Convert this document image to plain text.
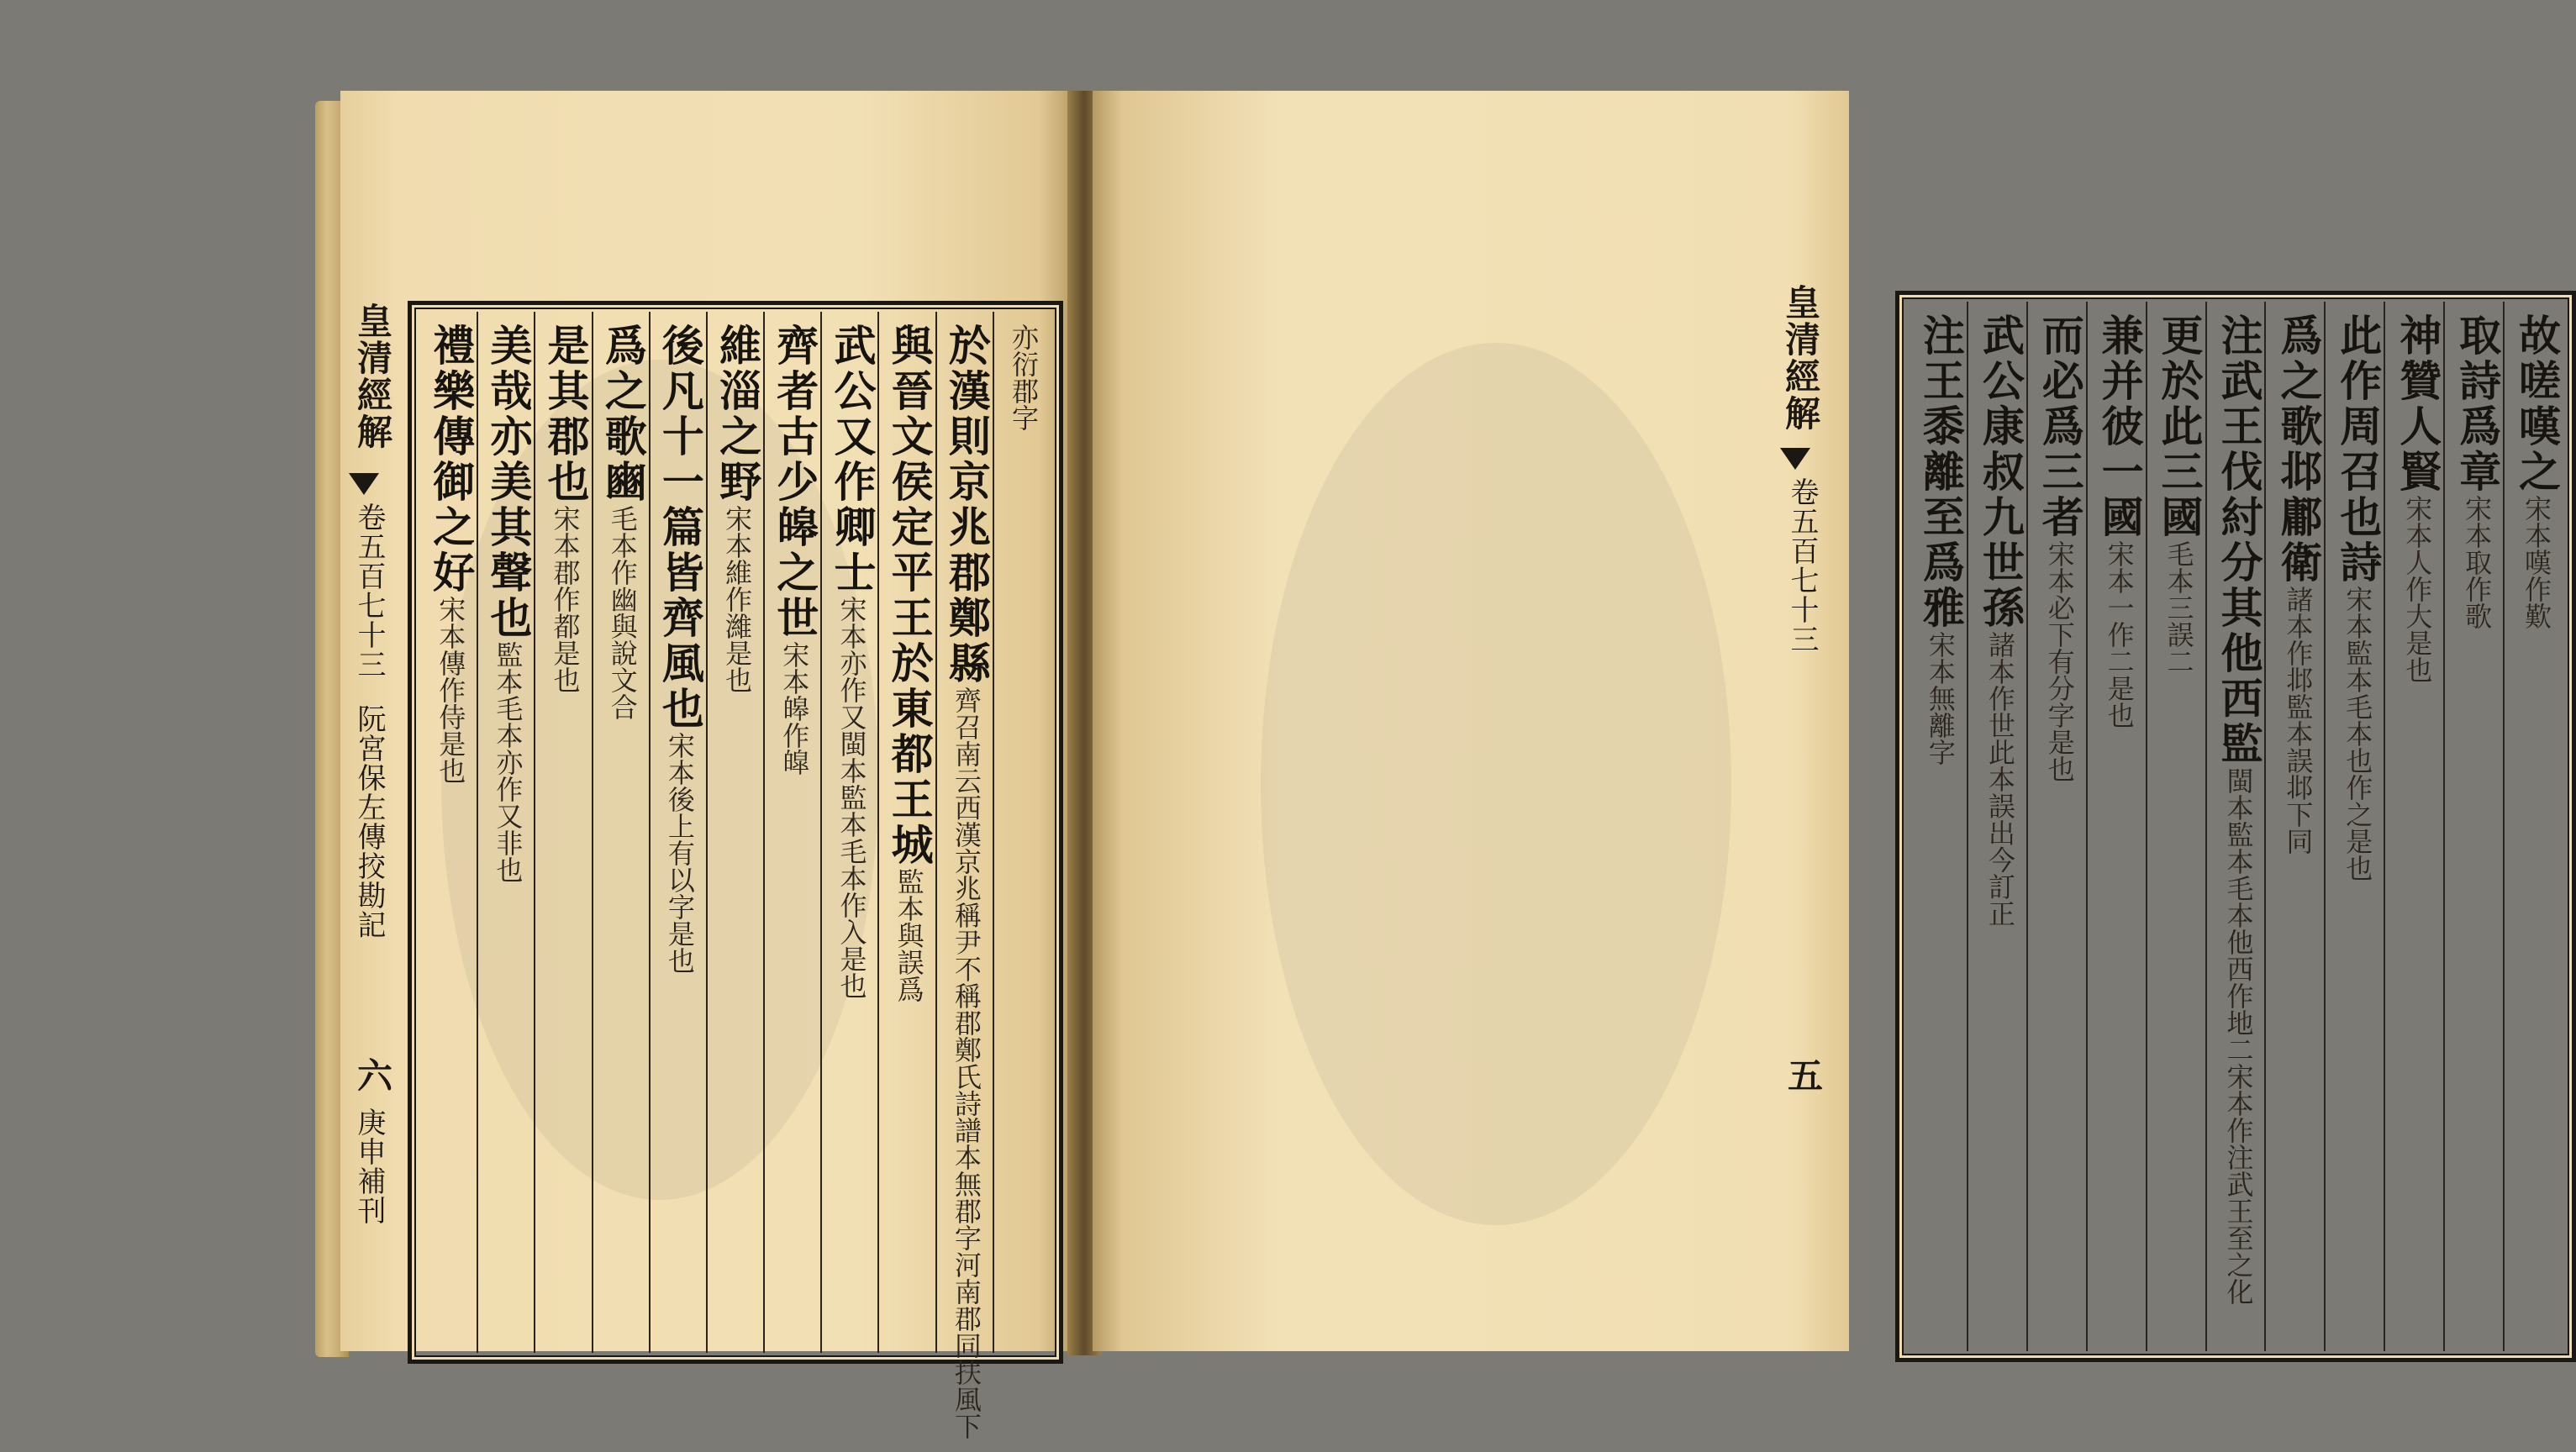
皇清經解
卷五百七十三
阮宮保左傳挍勘記
六
庚申補刊
亦衍郡字
於漢則京兆郡鄭縣齊召南云西漢京兆稱尹不稱郡鄭氏詩譜本無郡字河南郡同扶風下
與晉文侯定平王於東都王城監本與誤爲
武公又作卿士宋本亦作又閩本監本毛本作入是也
齊者古少皞之世宋本皞作皡
維淄之野宋本維作濰是也
後凡十一篇皆齊風也宋本後上有以字是也
爲之歌豳毛本作幽與說文合
是其郡也宋本郡作都是也
美哉亦美其聲也監本毛本亦作又非也
禮樂傳御之好宋本傳作侍是也
故嗟嘆之宋本嘆作歎
取詩爲章宋本取作歌
神贊人賢宋本人作大是也
此作周召也詩宋本監本毛本也作之是也
爲之歌邶鄘衛諸本作邶監本誤邶下同
注武王伐紂分其他西監閩本監本毛本他西作地二宋本作注武王至之化
更於此三國毛本三誤二
兼并彼一國宋本一作二是也
而必爲三者宋本必下有分字是也
武公康叔九世孫諸本作世此本誤出今訂正
注王黍離至爲雅宋本無離字
皇清經解
卷五百七十三
五
